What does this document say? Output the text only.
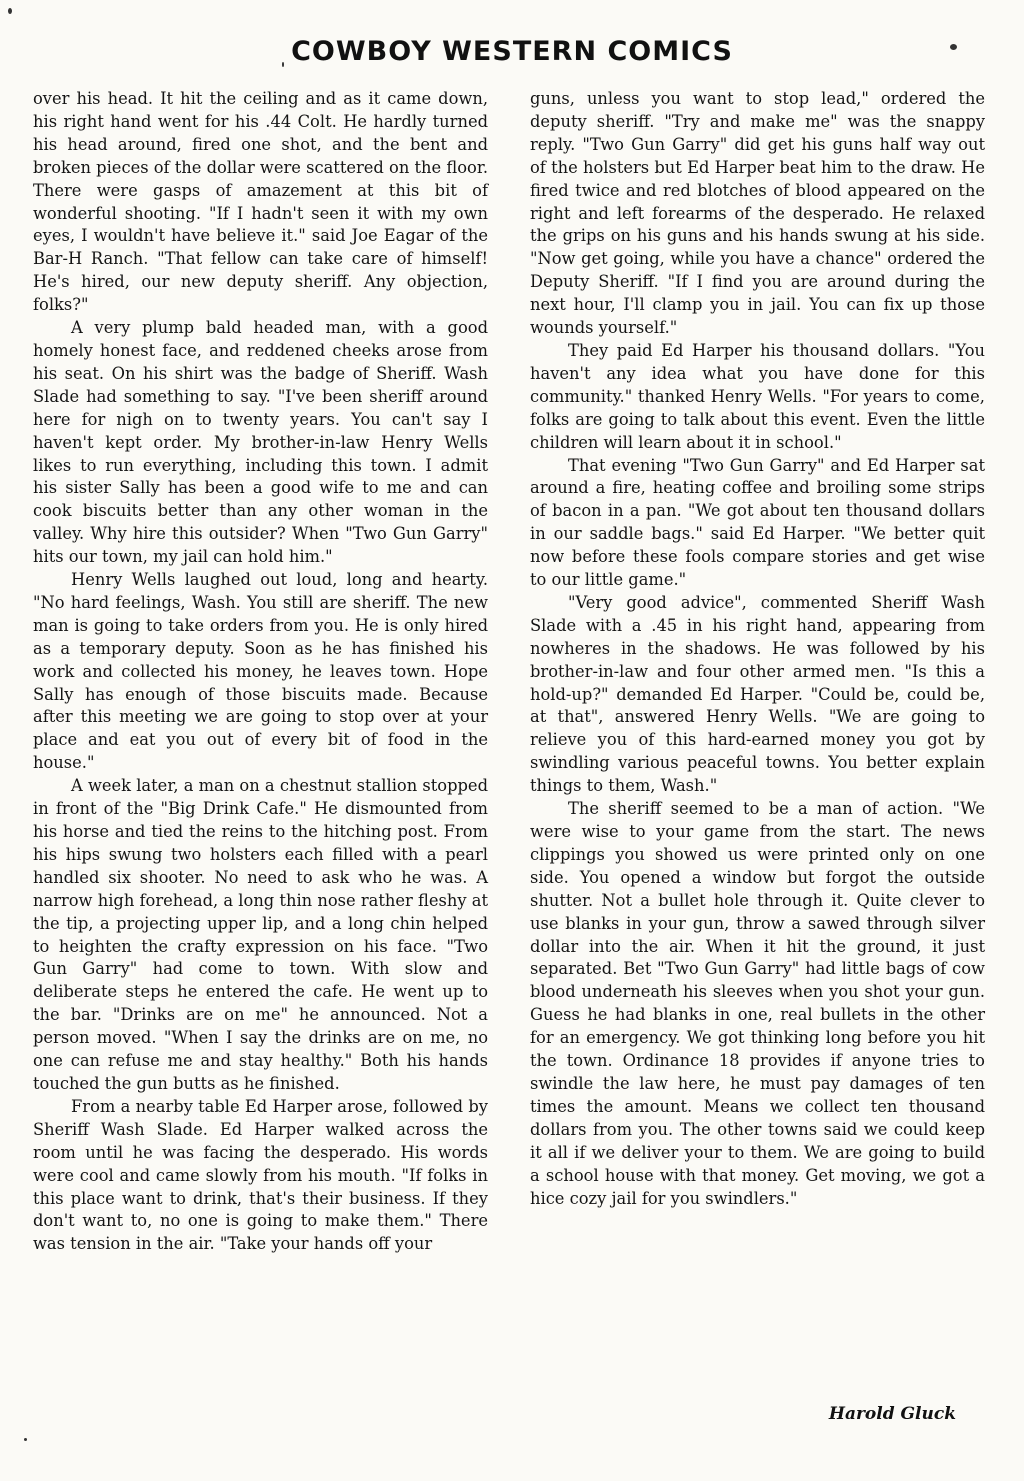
COWBOY WESTERN COMICS

over his head. It hit the ceiling and as it came down, his right hand went for his .44 Colt. He hardly turned his head around, fired one shot, and the bent and broken pieces of the dollar were scattered on the floor. There were gasps of amazement at this bit of wonderful shooting. "If I hadn't seen it with my own eyes, I wouldn't have believe it." said Joe Eagar of the Bar-H Ranch. "That fellow can take care of himself! He's hired, our new deputy sheriff. Any objection, folks?"

A very plump bald headed man, with a good homely honest face, and reddened cheeks arose from his seat. On his shirt was the badge of Sheriff. Wash Slade had something to say. "I've been sheriff around here for nigh on to twenty years. You can't say I haven't kept order. My brother-in-law Henry Wells likes to run everything, including this town. I admit his sister Sally has been a good wife to me and can cook biscuits better than any other woman in the valley. Why hire this outsider? When "Two Gun Garry" hits our town, my jail can hold him."

Henry Wells laughed out loud, long and hearty. "No hard feelings, Wash. You still are sheriff. The new man is going to take orders from you. He is only hired as a temporary deputy. Soon as he has finished his work and collected his money, he leaves town. Hope Sally has enough of those biscuits made. Because after this meeting we are going to stop over at your place and eat you out of every bit of food in the house."

A week later, a man on a chestnut stallion stopped in front of the "Big Drink Cafe." He dismounted from his horse and tied the reins to the hitching post. From his hips swung two holsters each filled with a pearl handled six shooter. No need to ask who he was. A narrow high forehead, a long thin nose rather fleshy at the tip, a projecting upper lip, and a long chin helped to heighten the crafty expression on his face. "Two Gun Garry" had come to town. With slow and deliberate steps he entered the cafe. He went up to the bar. "Drinks are on me" he announced. Not a person moved. "When I say the drinks are on me, no one can refuse me and stay healthy." Both his hands touched the gun butts as he finished.

From a nearby table Ed Harper arose, followed by Sheriff Wash Slade. Ed Harper walked across the room until he was facing the desperado. His words were cool and came slowly from his mouth. "If folks in this place want to drink, that's their business. If they don't want to, no one is going to make them." There was tension in the air. "Take your hands off your

guns, unless you want to stop lead," ordered the deputy sheriff. "Try and make me" was the snappy reply. "Two Gun Garry" did get his guns half way out of the holsters but Ed Harper beat him to the draw. He fired twice and red blotches of blood appeared on the right and left forearms of the desperado. He relaxed the grips on his guns and his hands swung at his side. "Now get going, while you have a chance" ordered the Deputy Sheriff. "If I find you are around during the next hour, I'll clamp you in jail. You can fix up those wounds yourself."

They paid Ed Harper his thousand dollars. "You haven't any idea what you have done for this community." thanked Henry Wells. "For years to come, folks are going to talk about this event. Even the little children will learn about it in school."

That evening "Two Gun Garry" and Ed Harper sat around a fire, heating coffee and broiling some strips of bacon in a pan. "We got about ten thousand dollars in our saddle bags." said Ed Harper. "We better quit now before these fools compare stories and get wise to our little game."

"Very good advice", commented Sheriff Wash Slade with a .45 in his right hand, appearing from nowheres in the shadows. He was followed by his brother-in-law and four other armed men. "Is this a hold-up?" demanded Ed Harper. "Could be, could be, at that", answered Henry Wells. "We are going to relieve you of this hard-earned money you got by swindling various peaceful towns. You better explain things to them, Wash."

The sheriff seemed to be a man of action. "We were wise to your game from the start. The news clippings you showed us were printed only on one side. You opened a window but forgot the outside shutter. Not a bullet hole through it. Quite clever to use blanks in your gun, throw a sawed through silver dollar into the air. When it hit the ground, it just separated. Bet "Two Gun Garry" had little bags of cow blood underneath his sleeves when you shot your gun. Guess he had blanks in one, real bullets in the other for an emergency. We got thinking long before you hit the town. Ordinance 18 provides if anyone tries to swindle the law here, he must pay damages of ten times the amount. Means we collect ten thousand dollars from you. The other towns said we could keep it all if we deliver your to them. We are going to build a school house with that money. Get moving, we got a hice cozy jail for you swindlers."

Harold Gluck
